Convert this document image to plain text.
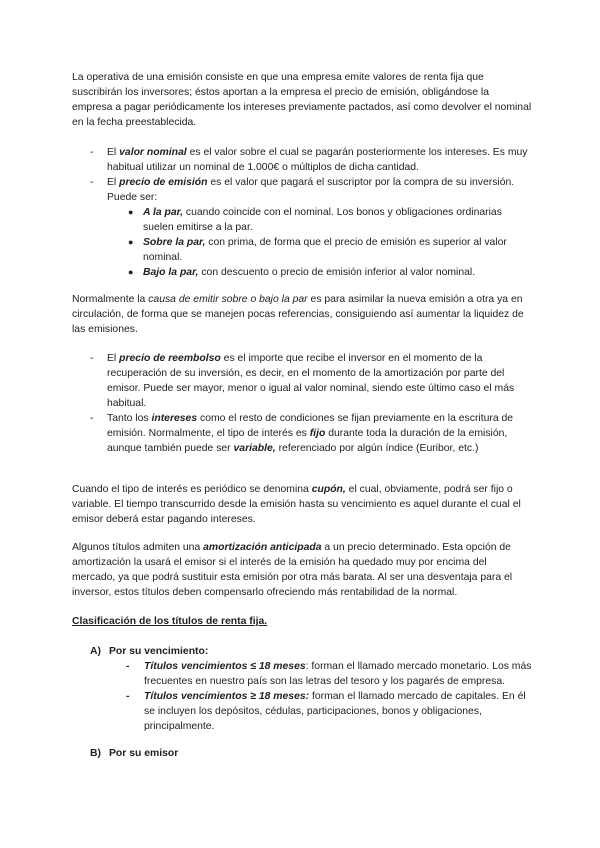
La operativa de una emisión consiste en que una empresa emite valores de renta fija que suscribirán los inversores; éstos aportan a la empresa el precio de emisión, obligándose la empresa a pagar periódicamente los intereses previamente pactados, así como devolver el nominal en la fecha preestablecida.

- El valor nominal es el valor sobre el cual se pagarán posteriormente los intereses. Es muy habitual utilizar un nominal de 1.000€ o múltiplos de dicha cantidad.
- El precio de emisión es el valor que pagará el suscriptor por la compra de su inversión. Puede ser:
● A la par, cuando coincide con el nominal. Los bonos y obligaciones ordinarias suelen emitirse a la par.
● Sobre la par, con prima, de forma que el precio de emisión es superior al valor nominal.
● Bajo la par, con descuento o precio de emisión inferior al valor nominal.

Normalmente la causa de emitir sobre o bajo la par es para asimilar la nueva emisión a otra ya en circulación, de forma que se manejen pocas referencias, consiguiendo así aumentar la liquidez de las emisiones.

- El precio de reembolso es el importe que recibe el inversor en el momento de la recuperación de su inversión, es decir, en el momento de la amortización por parte del emisor. Puede ser mayor, menor o igual al valor nominal, siendo este último caso el más habitual.
- Tanto los intereses como el resto de condiciones se fijan previamente en la escritura de emisión. Normalmente, el tipo de interés es fijo durante toda la duración de la emisión, aunque también puede ser variable, referenciado por algún índice (Euribor, etc.)

Cuando el tipo de interés es periódico se denomina cupón, el cual, obviamente, podrá ser fijo o variable. El tiempo transcurrido desde la emisión hasta su vencimiento es aquel durante el cual el emisor deberá estar pagando intereses.

Algunos títulos admiten una amortización anticipada a un precio determinado. Esta opción de amortización la usará el emisor si el interés de la emisión ha quedado muy por encima del mercado, ya que podrá sustituir esta emisión por otra más barata. Al ser una desventaja para el inversor, estos títulos deben compensarlo ofreciendo más rentabilidad de la normal.

Clasificación de los títulos de renta fija.
A) Por su vencimiento:
- Títulos vencimientos ≤ 18 meses: forman el llamado mercado monetario. Los más frecuentes en nuestro país son las letras del tesoro y los pagarés de empresa.
- Títulos vencimientos ≥ 18 meses: forman el llamado mercado de capitales. En él se incluyen los depósitos, cédulas, participaciones, bonos y obligaciones, principalmente.
B) Por su emisor
